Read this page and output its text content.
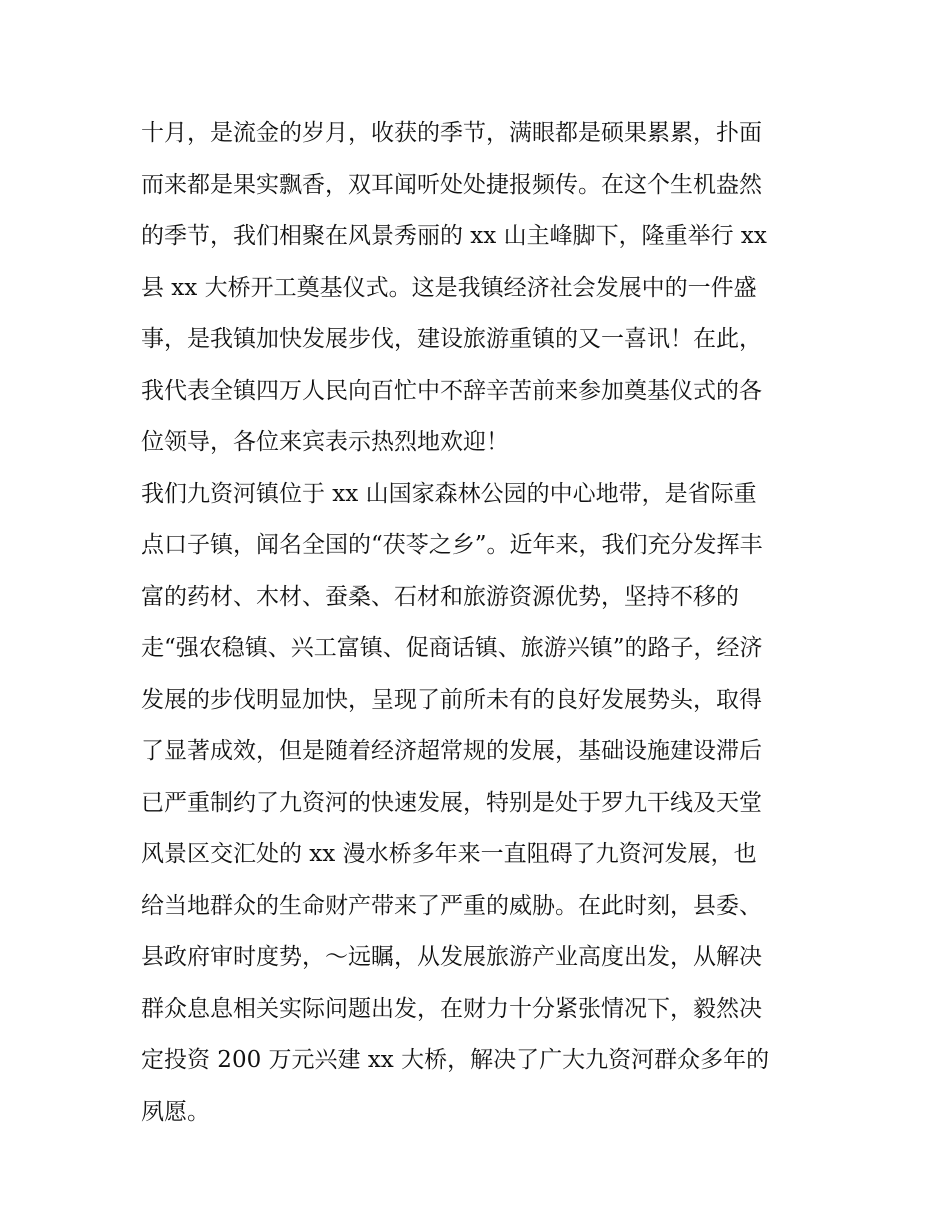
十月，是流金的岁月，收获的季节，满眼都是硕果累累，扑面
而来都是果实飘香，双耳闻听处处捷报频传。在这个生机盎然
的季节，我们相聚在风景秀丽的 xx 山主峰脚下，隆重举行 xx
县 xx 大桥开工奠基仪式。这是我镇经济社会发展中的一件盛
事，是我镇加快发展步伐，建设旅游重镇的又一喜讯！在此，
我代表全镇四万人民向百忙中不辞辛苦前来参加奠基仪式的各
位领导，各位来宾表示热烈地欢迎！

我们九资河镇位于 xx 山国家森林公园的中心地带，是省际重
点口子镇，闻名全国的“茯苓之乡”。近年来，我们充分发挥丰
富的药材、木材、蚕桑、石材和旅游资源优势，坚持不移的
走“强农稳镇、兴工富镇、促商话镇、旅游兴镇”的路子，经济
发展的步伐明显加快，呈现了前所未有的良好发展势头，取得
了显著成效，但是随着经济超常规的发展，基础设施建设滞后
已严重制约了九资河的快速发展，特别是处于罗九干线及天堂
风景区交汇处的 xx 漫水桥多年来一直阻碍了九资河发展，也
给当地群众的生命财产带来了严重的威胁。在此时刻，县委、
县政府审时度势，～远瞩，从发展旅游产业高度出发，从解决
群众息息相关实际问题出发，在财力十分紧张情况下，毅然决
定投资 200 万元兴建 xx 大桥，解决了广大九资河群众多年的
夙愿。
